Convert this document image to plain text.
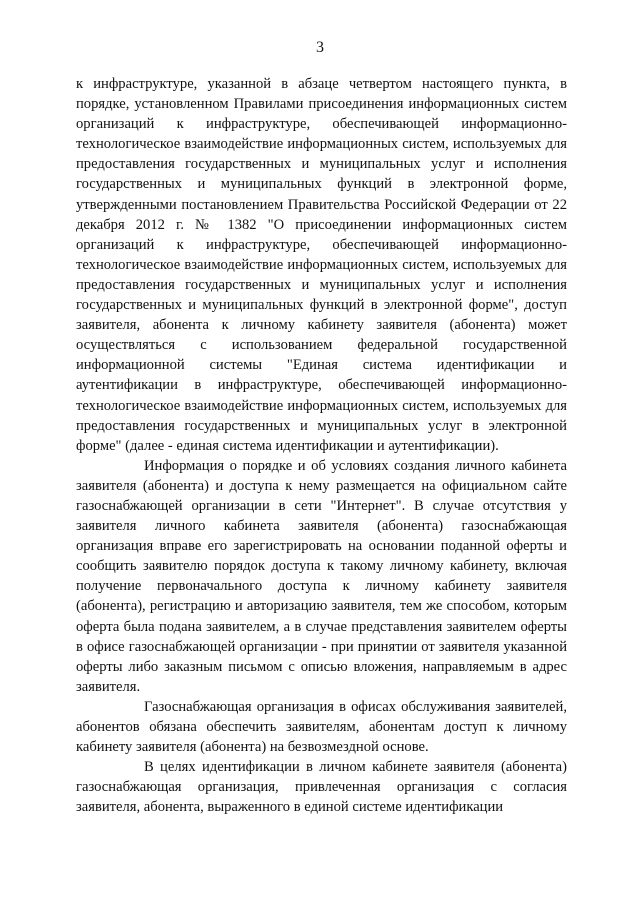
3

к инфраструктуре, указанной в абзаце четвертом настоящего пункта, в порядке, установленном Правилами присоединения информационных систем организаций к инфраструктуре, обеспечивающей информационно-технологическое взаимодействие информационных систем, используемых для предоставления государственных и муниципальных услуг и исполнения государственных и муниципальных функций в электронной форме, утвержденными постановлением Правительства Российской Федерации от 22 декабря 2012 г. № 1382 "О присоединении информационных систем организаций к инфраструктуре, обеспечивающей информационно-технологическое взаимодействие информационных систем, используемых для предоставления государственных и муниципальных услуг и исполнения государственных и муниципальных функций в электронной форме", доступ заявителя, абонента к личному кабинету заявителя (абонента) может осуществляться с использованием федеральной государственной информационной системы "Единая система идентификации и аутентификации в инфраструктуре, обеспечивающей информационно-технологическое взаимодействие информационных систем, используемых для предоставления государственных и муниципальных услуг в электронной форме" (далее - единая система идентификации и аутентификации).

Информация о порядке и об условиях создания личного кабинета заявителя (абонента) и доступа к нему размещается на официальном сайте газоснабжающей организации в сети "Интернет". В случае отсутствия у заявителя личного кабинета заявителя (абонента) газоснабжающая организация вправе его зарегистрировать на основании поданной оферты и сообщить заявителю порядок доступа к такому личному кабинету, включая получение первоначального доступа к личному кабинету заявителя (абонента), регистрацию и авторизацию заявителя, тем же способом, которым оферта была подана заявителем, а в случае представления заявителем оферты в офисе газоснабжающей организации - при принятии от заявителя указанной оферты либо заказным письмом с описью вложения, направляемым в адрес заявителя.

Газоснабжающая организация в офисах обслуживания заявителей, абонентов обязана обеспечить заявителям, абонентам доступ к личному кабинету заявителя (абонента) на безвозмездной основе.

В целях идентификации в личном кабинете заявителя (абонента) газоснабжающая организация, привлеченная организация с согласия заявителя, абонента, выраженного в единой системе идентификации
